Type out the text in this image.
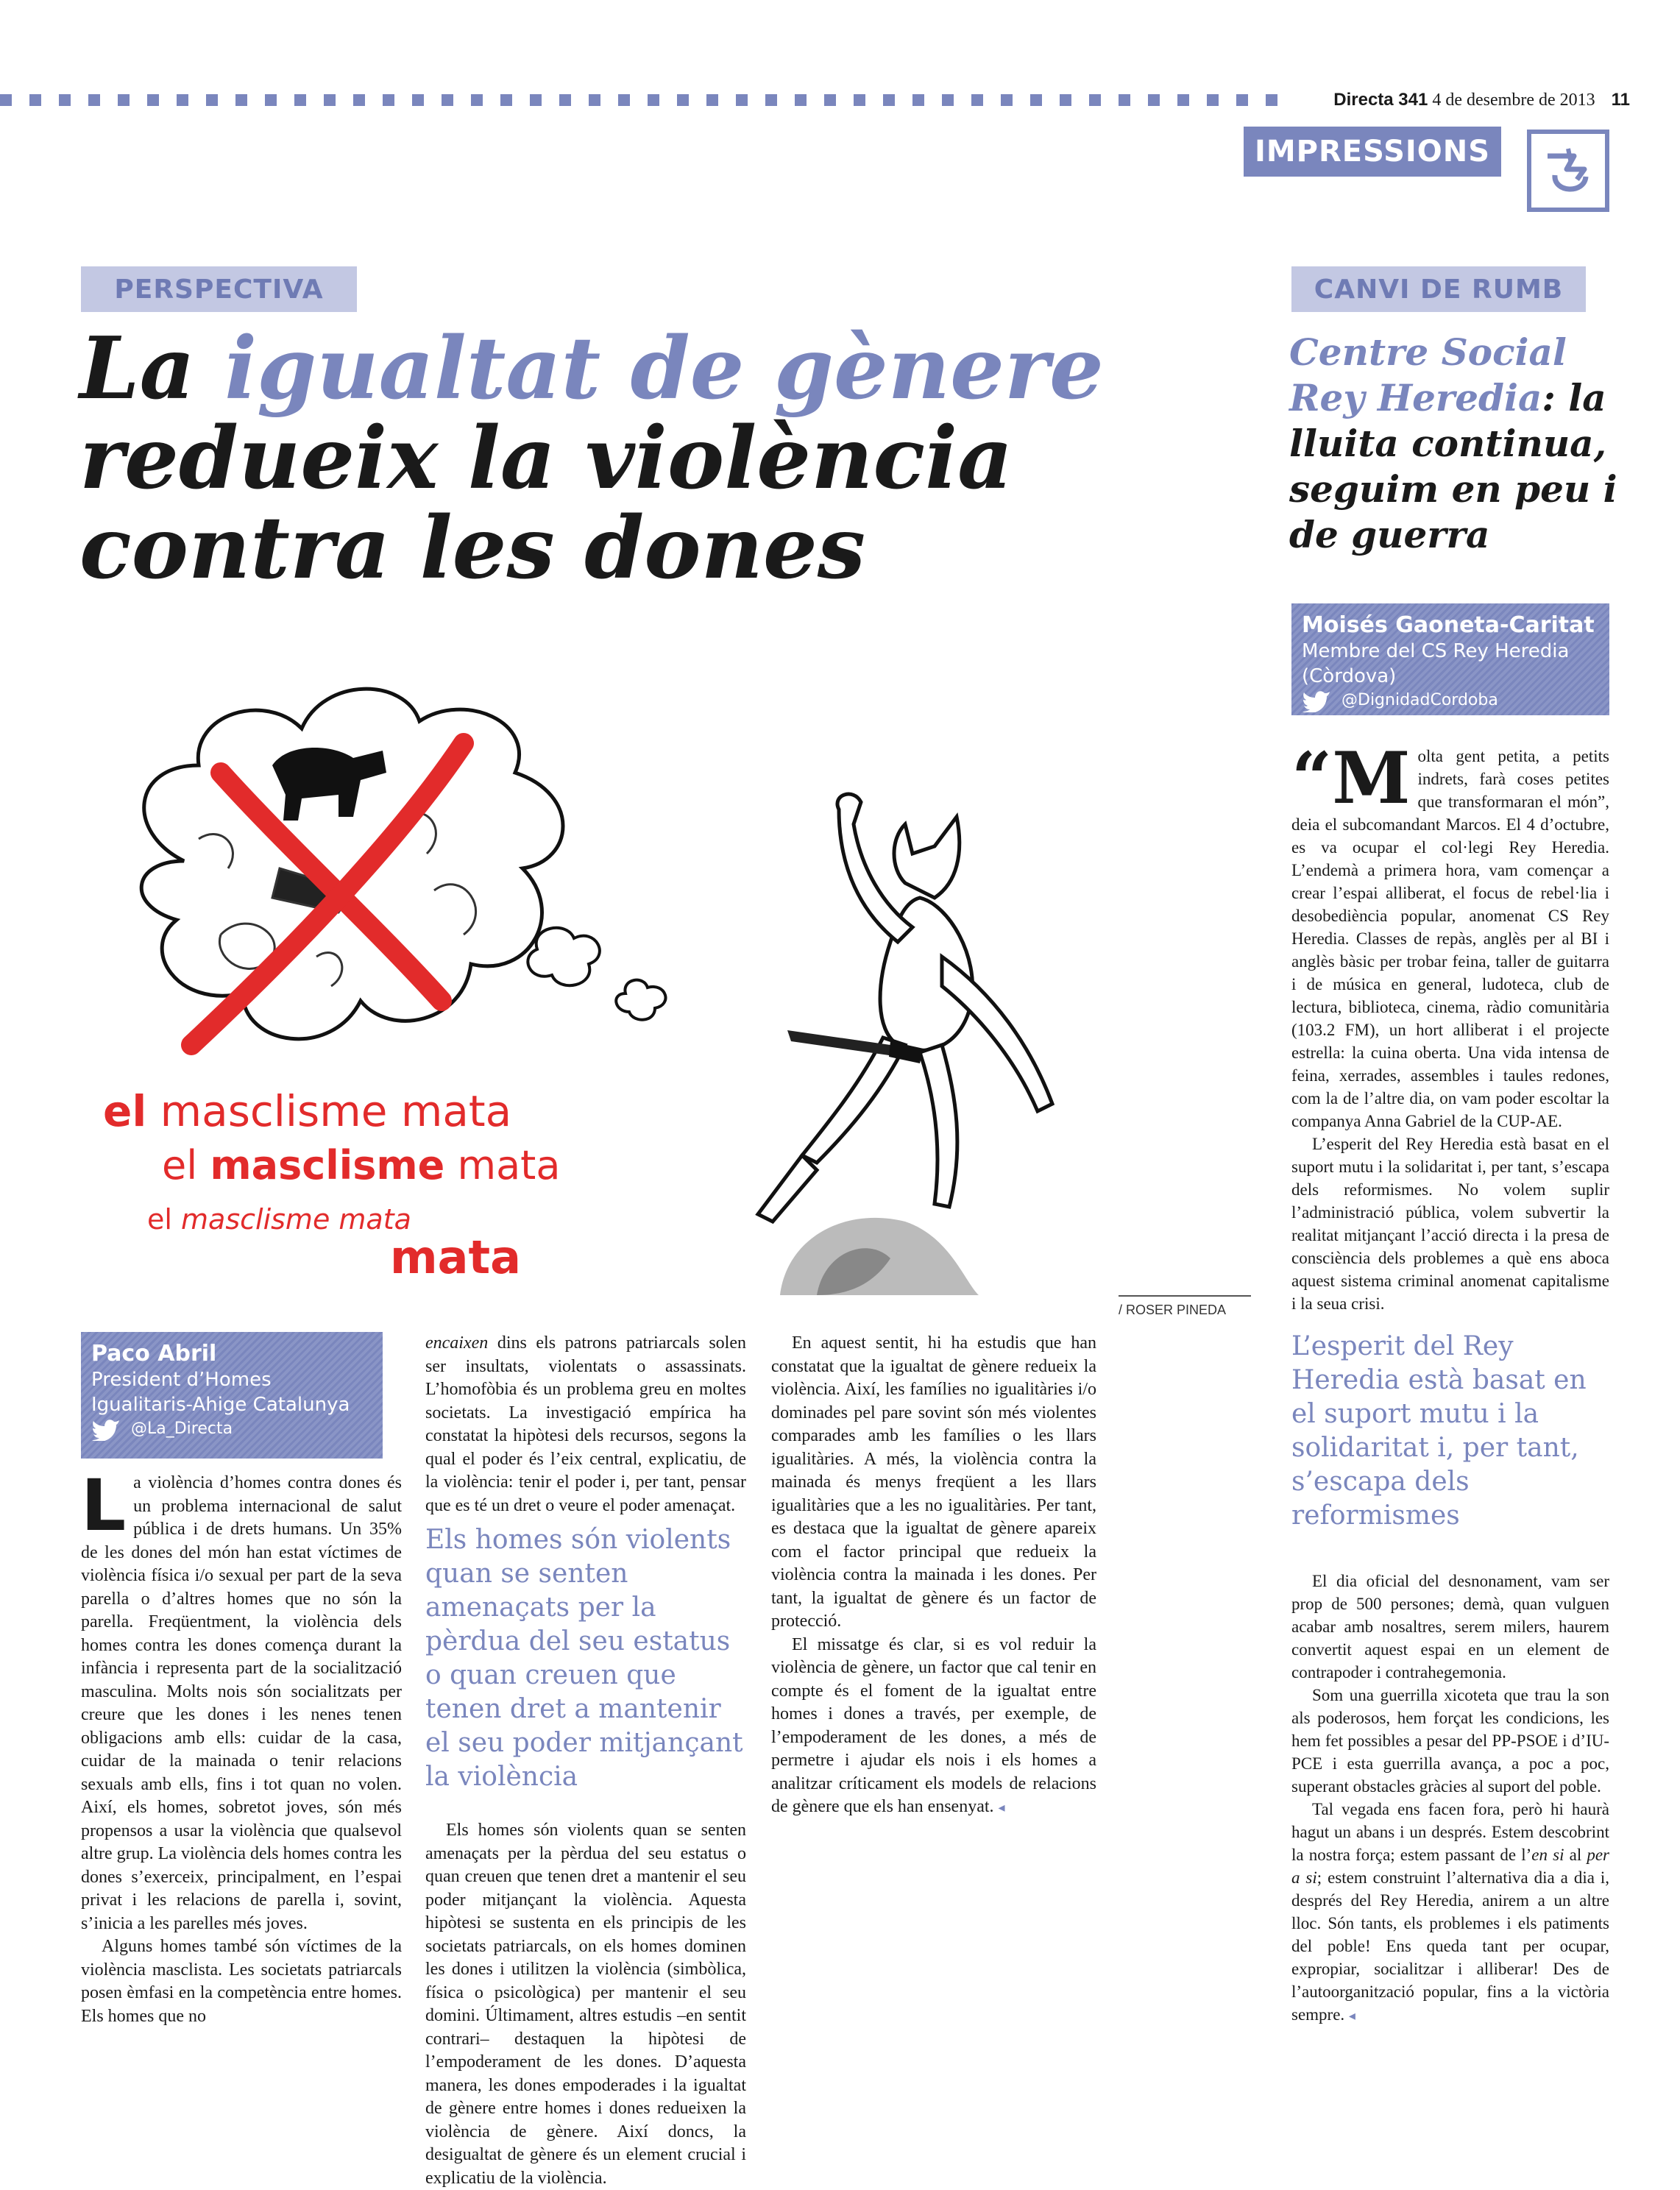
Directa 341 4 de desembre de 2013 11
IMPRESSIONS
PERSPECTIVA
La igualtat de gènere redueix la violència contra les dones
el masclisme mata
el masclisme mata
el masclisme mata
mata
/ ROSER PINEDA
Paco Abril
President d’Homes Igualitaris-Ahige Catalunya
@La_Directa

La violència d’homes contra dones és un problema internacional de salut pública i de drets humans. Un 35% de les dones del món han estat víctimes de violència física i/o sexual per part de la seva parella o d’altres homes que no són la parella. Freqüentment, la violència dels homes contra les dones comença durant la infància i representa part de la socialització masculina. Molts nois són socialitzats per creure que les dones i les nenes tenen obligacions amb ells: cuidar de la casa, cuidar de la mainada o tenir relacions sexuals amb ells, fins i tot quan no volen. Així, els homes, sobretot joves, són més propensos a usar la violència que qualsevol altre grup. La violència dels homes contra les dones s’exerceix, principalment, en l’espai privat i les relacions de parella i, sovint, s’inicia a les parelles més joves.

Alguns homes també són víctimes de la violència masclista. Les societats patriarcals posen èmfasi en la competència entre homes. Els homes que no

encaixen dins els patrons patriarcals solen ser insultats, violentats o assassinats. L’homofòbia és un problema greu en moltes societats. La investigació empírica ha constatat la hipòtesi dels recursos, segons la qual el poder és l’eix central, explicatiu, de la violència: tenir el poder i, per tant, pensar que es té un dret o veure el poder amenaçat.

Els homes són violents quan se senten amenaçats per la pèrdua del seu estatus o quan creuen que tenen dret a mantenir el seu poder mitjançant la violència

Els homes són violents quan se senten amenaçats per la pèrdua del seu estatus o quan creuen que tenen dret a mantenir el seu poder mitjançant la violència. Aquesta hipòtesi se sustenta en els principis de les societats patriarcals, on els homes dominen les dones i utilitzen la violència (simbòlica, física o psicològica) per mantenir el seu domini. Últimament, altres estudis –en sentit contrari– destaquen la hipòtesi de l’empoderament de les dones. D’aquesta manera, les dones empoderades i la igualtat de gènere entre homes i dones redueixen la violència de gènere. Així doncs, la desigualtat de gènere és un element crucial i explicatiu de la violència.

En aquest sentit, hi ha estudis que han constatat que la igualtat de gènere redueix la violència. Així, les famílies no igualitàries i/o dominades pel pare sovint són més violentes comparades amb les famílies o les llars igualitàries. A més, la violència contra la mainada és menys freqüent a les llars igualitàries que a les no igualitàries. Per tant, es destaca que la igualtat de gènere apareix com el factor principal que redueix la violència contra la mainada i les dones. Per tant, la igualtat de gènere és un factor de protecció.

El missatge és clar, si es vol reduir la violència de gènere, un factor que cal tenir en compte és el foment de la igualtat entre homes i dones a través, per exemple, de l’empoderament de les dones, a més de permetre i ajudar els nois i els homes a analitzar críticament els models de relacions de gènere que els han ensenyat. ◂

CANVI DE RUMB
Centre Social Rey Heredia: la lluita continua, seguim en peu i de guerra
Moisés Gaoneta-Caritat
Membre del CS Rey Heredia (Còrdova)
@DignidadCordoba

“M olta gent petita, a petits indrets, farà coses petites que transformaran el món”, deia el subcomandant Marcos. El 4 d’octubre, es va ocupar el col·legi Rey Heredia. L’endemà a primera hora, vam començar a crear l’espai alliberat, el focus de rebel·lia i desobediència popular, anomenat CS Rey Heredia. Classes de repàs, anglès per al BI i anglès bàsic per trobar feina, taller de guitarra i de música en general, ludoteca, club de lectura, biblioteca, cinema, ràdio comunitària (103.2 FM), un hort alliberat i el projecte estrella: la cuina oberta. Una vida intensa de feina, xerrades, assembles i taules redones, com la de l’altre dia, on vam poder escoltar la companya Anna Gabriel de la CUP-AE.

L’esperit del Rey Heredia està basat en el suport mutu i la solidaritat i, per tant, s’escapa dels reformismes. No volem suplir l’administració pública, volem subvertir la realitat mitjançant l’acció directa i la presa de consciència dels problemes a què ens aboca aquest sistema criminal anomenat capitalisme i la seua crisi.

L’esperit del Rey Heredia està basat en el suport mutu i la solidaritat i, per tant, s’escapa dels reformismes

El dia oficial del desnonament, vam ser prop de 500 persones; demà, quan vulguen acabar amb nosaltres, serem milers, haurem convertit aquest espai en un element de contrapoder i contrahegemonia.

Som una guerrilla xicoteta que trau la son als poderosos, hem forçat les condicions, les hem fet possibles a pesar del PP-PSOE i d’IU-PCE i esta guerrilla avança, a poc a poc, superant obstacles gràcies al suport del poble.

Tal vegada ens facen fora, però hi haurà hagut un abans i un després. Estem descobrint la nostra força; estem passant de l’en si al per a si; estem construint l’alternativa dia a dia i, després del Rey Heredia, anirem a un altre lloc. Són tants, els problemes i els patiments del poble! Ens queda tant per ocupar, expropiar, socialitzar i alliberar! Des de l’autoorganització popular, fins a la victòria sempre. ◂
